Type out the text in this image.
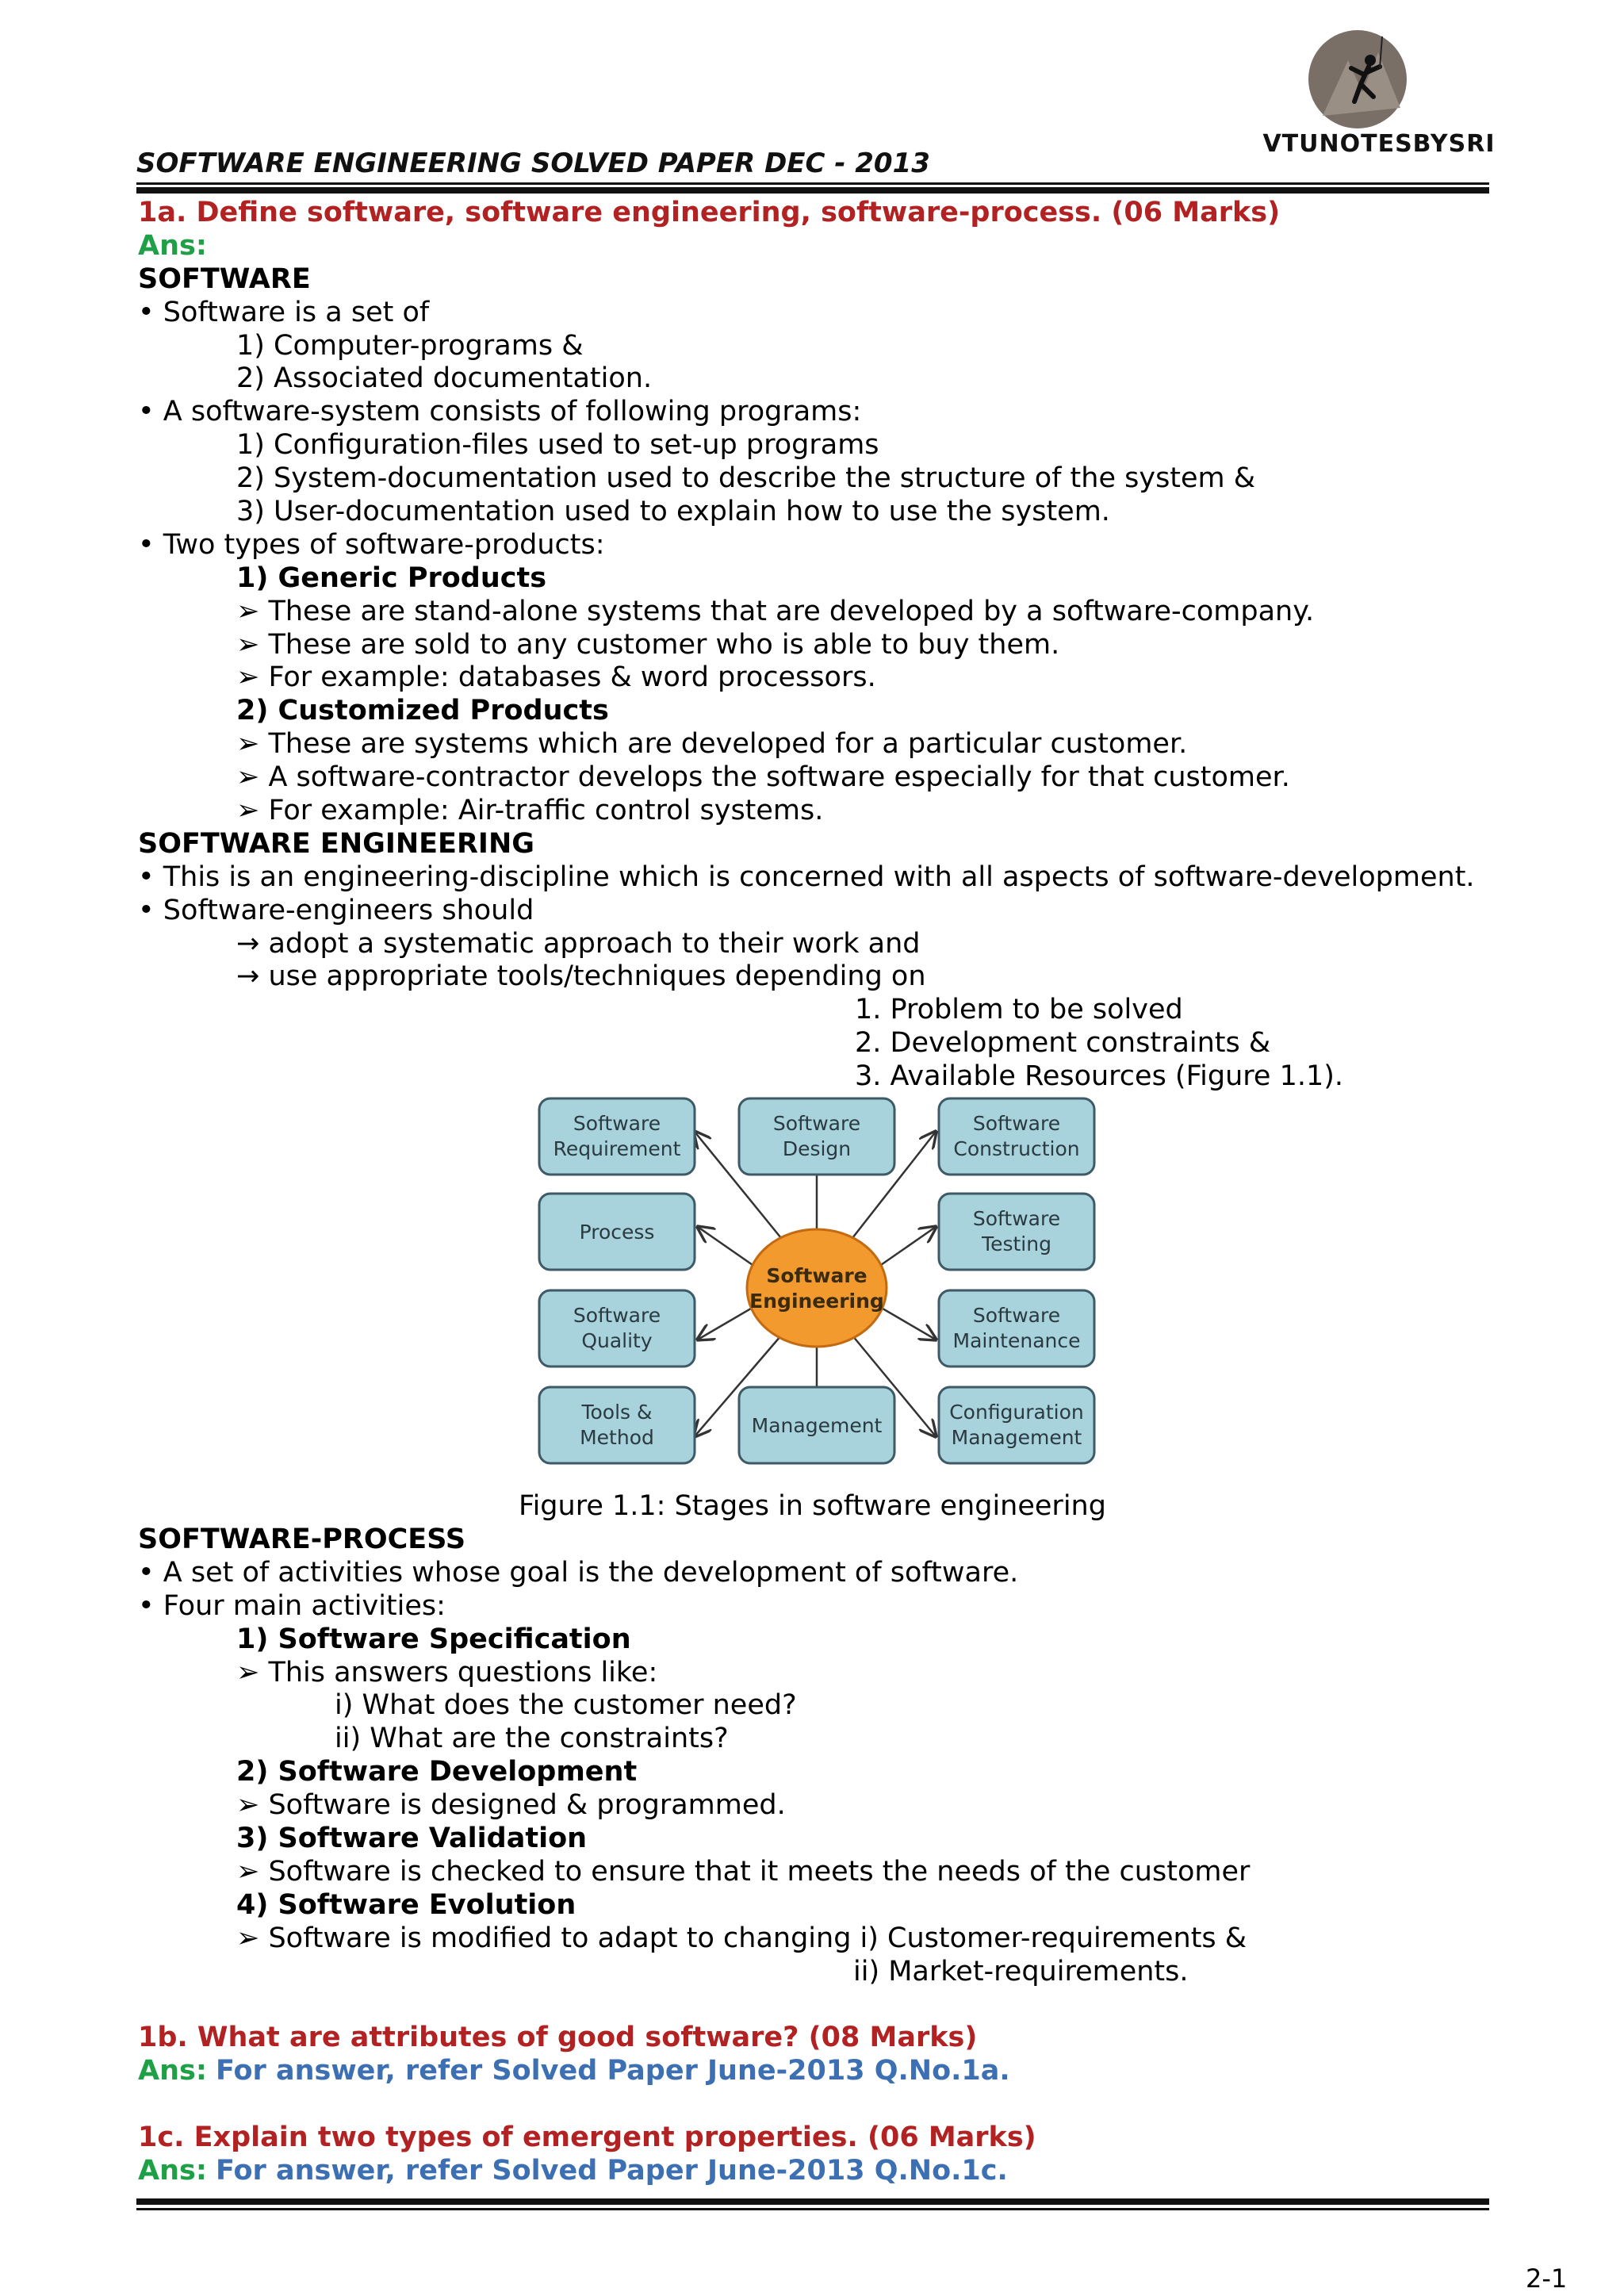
VTUNOTESBYSRI
SOFTWARE ENGINEERING SOLVED PAPER DEC - 2013
1a. Define software, software engineering, software-process. (06 Marks)
Ans:
SOFTWARE
• Software is a set of
1) Computer-programs &
2) Associated documentation.
• A software-system consists of following programs:
1) Configuration-files used to set-up programs
2) System-documentation used to describe the structure of the system &
3) User-documentation used to explain how to use the system.
• Two types of software-products:
1) Generic Products
➢ These are stand-alone systems that are developed by a software-company.
➢ These are sold to any customer who is able to buy them.
➢ For example: databases & word processors.
2) Customized Products
➢ These are systems which are developed for a particular customer.
➢ A software-contractor develops the software especially for that customer.
➢ For example: Air-traffic control systems.
SOFTWARE ENGINEERING
• This is an engineering-discipline which is concerned with all aspects of software-development.
• Software-engineers should
→ adopt a systematic approach to their work and
→ use appropriate tools/techniques depending on
1. Problem to be solved
2. Development constraints &
3. Available Resources (Figure 1.1).
Software Requirement
Software Design
Software Construction
Process
Software Testing
Software Quality
Software Maintenance
Tools & Method
Management
Configuration Management
Software Engineering
Figure 1.1: Stages in software engineering
SOFTWARE-PROCESS
• A set of activities whose goal is the development of software.
• Four main activities:
1) Software Specification
➢ This answers questions like:
i) What does the customer need?
ii) What are the constraints?
2) Software Development
➢ Software is designed & programmed.
3) Software Validation
➢ Software is checked to ensure that it meets the needs of the customer
4) Software Evolution
➢ Software is modified to adapt to changing i) Customer-requirements &
ii) Market-requirements.
1b. What are attributes of good software? (08 Marks)
Ans: For answer, refer Solved Paper June-2013 Q.No.1a.
1c. Explain two types of emergent properties. (06 Marks)
Ans: For answer, refer Solved Paper June-2013 Q.No.1c.
2-1
